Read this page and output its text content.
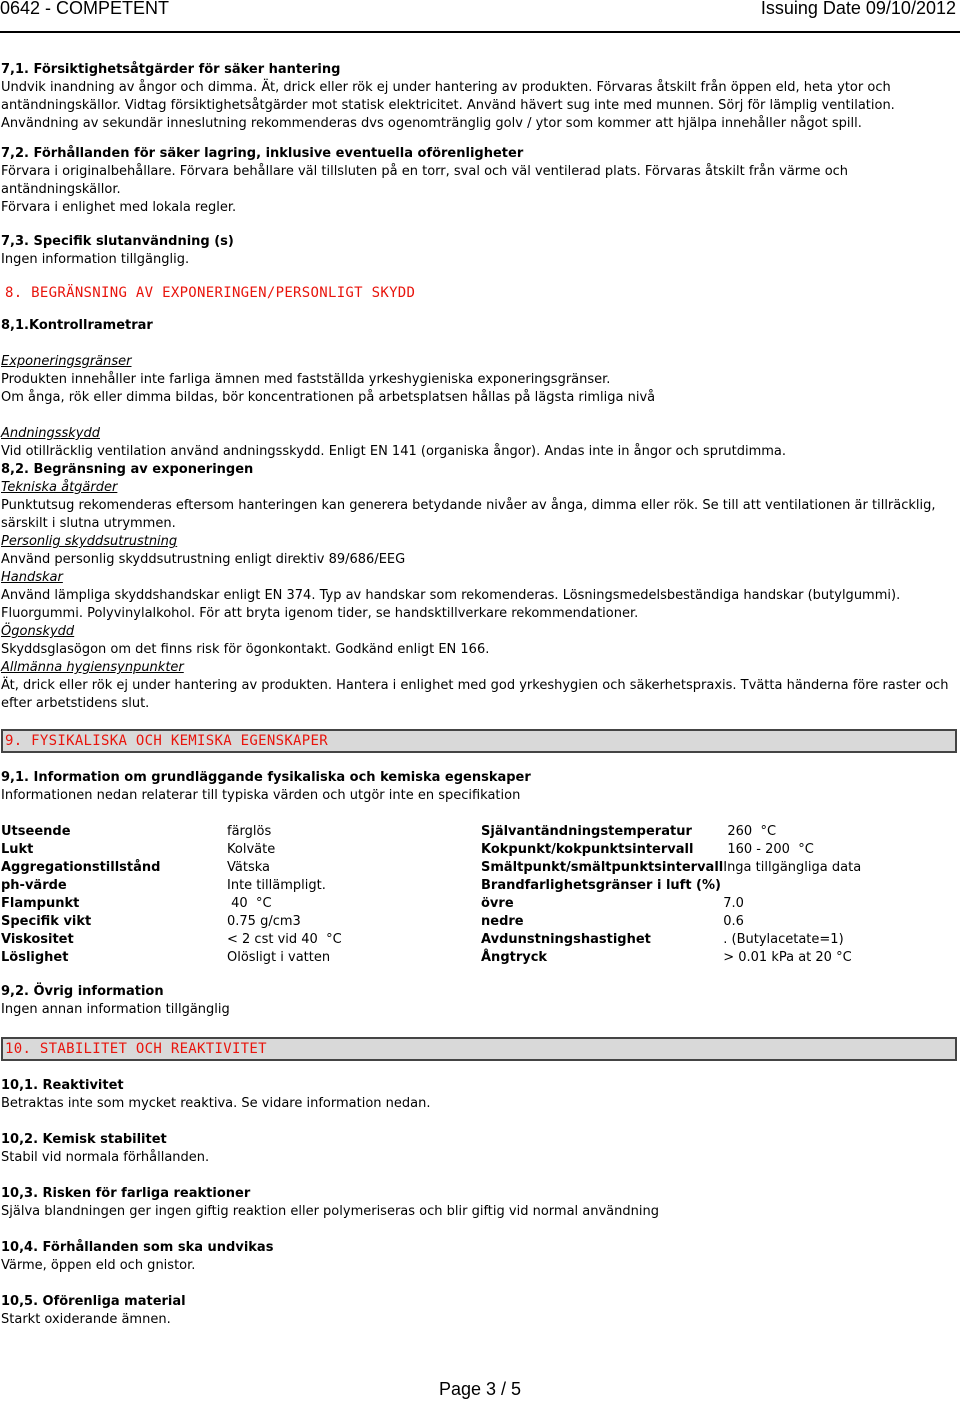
0642 - COMPETENT	Issuing Date 09/10/2012

7,1. Försiktighetsåtgärder för säker hantering

Undvik inandning av ångor och dimma. Ät, drick eller rök ej under hantering av produkten. Förvaras åtskilt från öppen eld, heta ytor och

antändningskällor. Vidtag försiktighetsåtgärder mot statisk elektricitet. Använd hävert sug inte med munnen. Sörj för lämplig ventilation.

Användning av sekundär inneslutning rekommenderas dvs ogenomtränglig golv / ytor som kommer att hjälpa innehåller något spill.

7,2. Förhållanden för säker lagring, inklusive eventuella oförenligheter

Förvara i originalbehållare. Förvara behållare väl tillsluten på en torr, sval och väl ventilerad plats. Förvaras åtskilt från värme och antändningskällor.

Förvara i enlighet med lokala regler.

7,3. Specifik slutanvändning (s)

Ingen information tillgänglig.

8. BEGRÄNSNING AV EXPONERINGEN/PERSONLIGT SKYDD

8,1.Kontrollrametrar

Exponeringsgränser

Produkten innehåller inte farliga ämnen med fastställda yrkeshygieniska exponeringsgränser.

Om ånga, rök eller dimma bildas, bör koncentrationen på arbetsplatsen hållas på lägsta rimliga nivå

Andningsskydd

Vid otillräcklig ventilation använd andningsskydd. Enligt EN 141 (organiska ångor). Andas inte in ångor och sprutdimma.

8,2. Begränsning av exponeringen

Tekniska åtgärder

Punktutsug rekomenderas eftersom hanteringen kan generera betydande nivåer av ånga, dimma eller rök. Se till att ventilationen är tillräcklig,

särskilt i slutna utrymmen.

Personlig skyddsutrustning

Använd personlig skyddsutrustning enligt direktiv 89/686/EEG

Handskar

Använd lämpliga skyddshandskar enligt EN 374. Typ av handskar som rekomenderas. Lösningsmedelsbeständiga handskar (butylgummi).

Fluorgummi. Polyvinylalkohol. För att bryta igenom tider, se handsktillverkare rekommendationer.

Ögonskydd

Skyddsglasögon om det finns risk för ögonkontakt. Godkänd enligt EN 166.

Allmänna hygiensynpunkter

Ät, drick eller rök ej under hantering av produkten. Hantera i enlighet med god yrkeshygien och säkerhetspraxis. Tvätta händerna före raster och

efter arbetstidens slut.

9. FYSIKALISKA OCH KEMISKA EGENSKAPER

9,1. Information om grundläggande fysikaliska och kemiska egenskaper

Informationen nedan relaterar till typiska värden och utgör inte en specifikation

Utseende	färglös	Självantändningstemperatur	260  °C
Lukt	Kolväte	Kokpunkt/kokpunktsintervall	160 - 200  °C
Aggregationstillstånd	Vätska	Smältpunkt/smältpunktsintervall	Inga tillgängliga data
ph-värde	Inte tillämpligt.	Brandfarlighetsgränser i luft (%)	
Flampunkt	40  °C	övre	7.0
Specifik vikt	0.75 g/cm3	nedre	0.6
Viskositet	< 2 cst vid 40  °C	Avdunstningshastighet	. (Butylacetate=1)
Löslighet	Olösligt i vatten	Ångtryck	> 0.01 kPa at 20 °C

9,2. Övrig information

Ingen annan information tillgänglig

10. STABILITET OCH REAKTIVITET

10,1. Reaktivitet

Betraktas inte som mycket reaktiva. Se vidare information nedan.

10,2. Kemisk stabilitet

Stabil vid normala förhållanden.

10,3. Risken för farliga reaktioner

Själva blandningen ger ingen giftig reaktion eller polymeriseras och blir giftig vid normal användning

10,4. Förhållanden som ska undvikas

Värme, öppen eld och gnistor.

10,5. Oförenliga material

Starkt oxiderande ämnen.

Page 3 / 5
